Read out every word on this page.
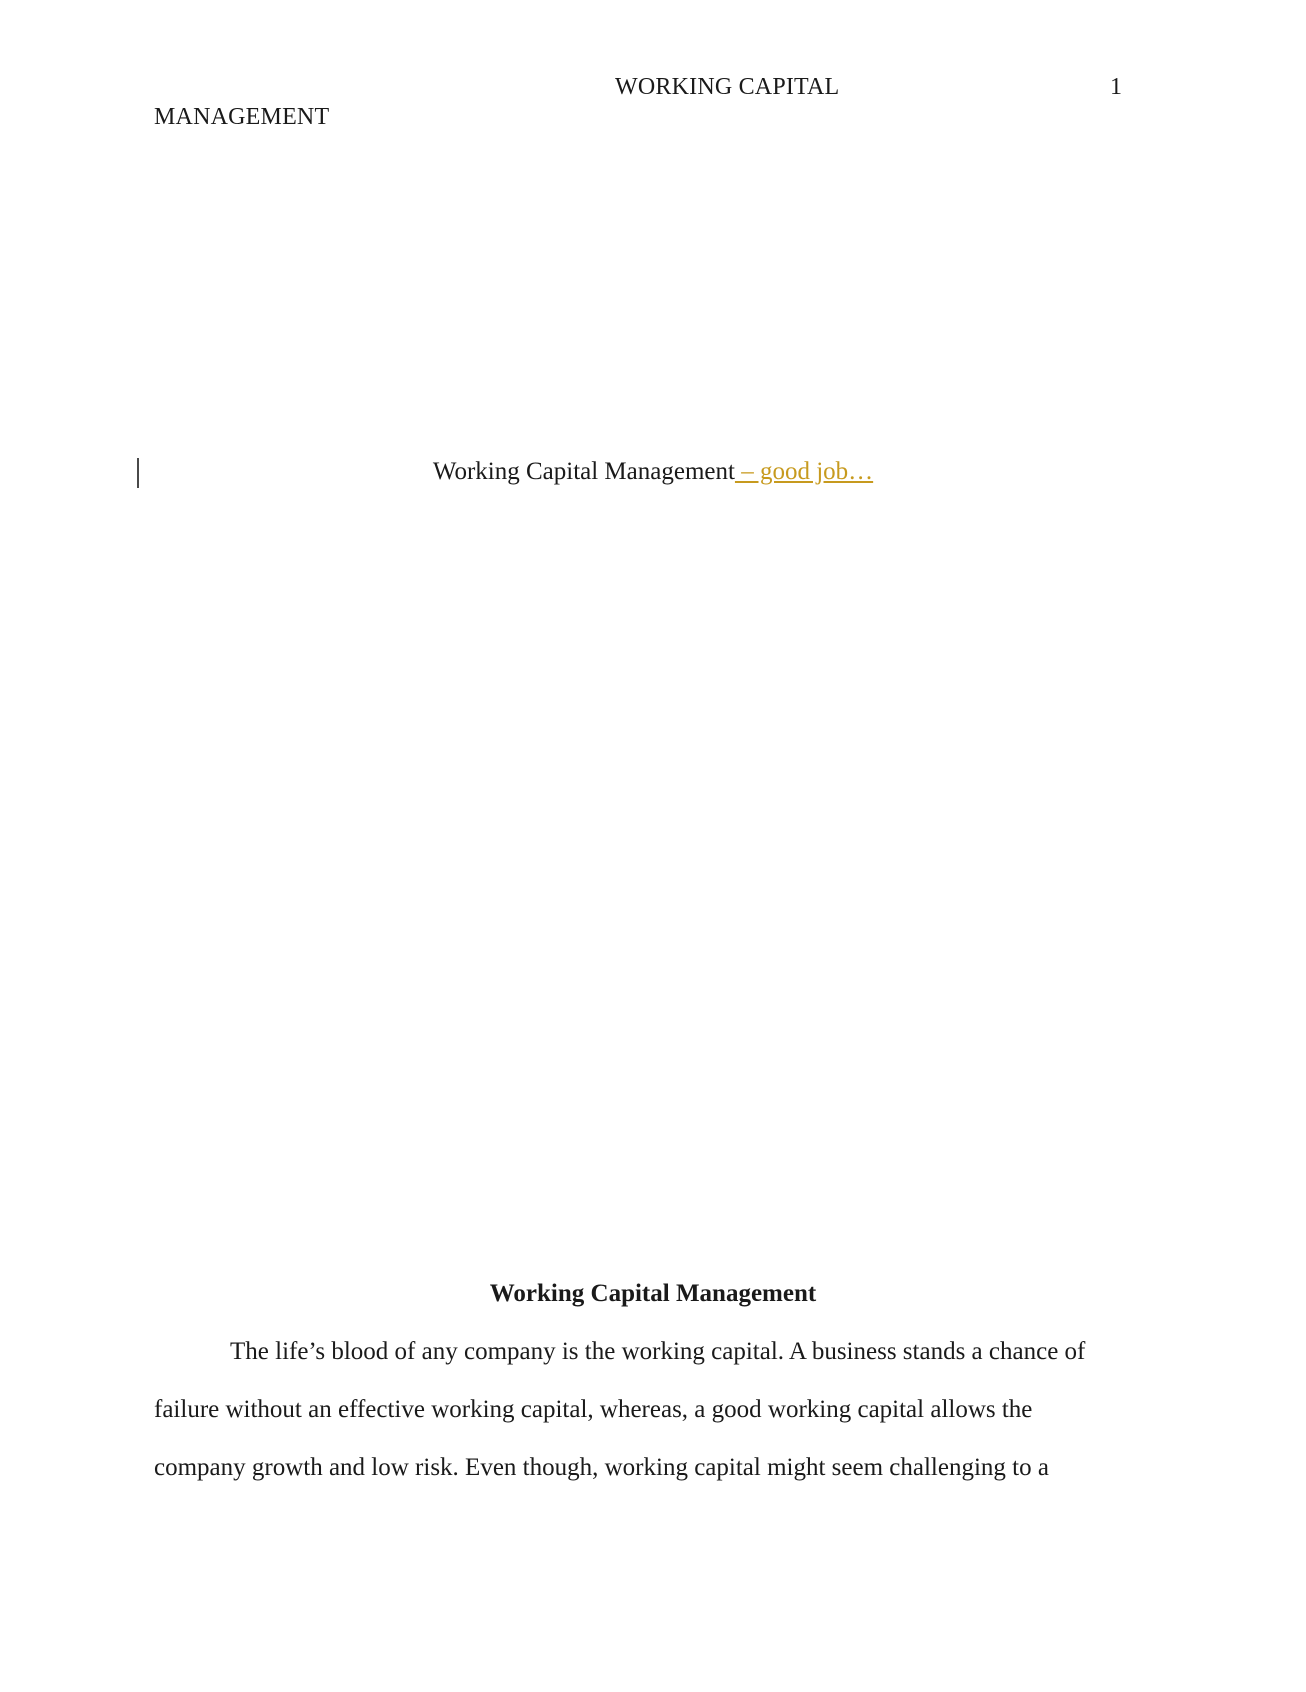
WORKING CAPITAL	1
MANAGEMENT
Working Capital Management – good job…
Working Capital Management
The life’s blood of any company is the working capital. A business stands a chance of
failure without an effective working capital, whereas, a good working capital allows the
company growth and low risk. Even though, working capital might seem challenging to a
